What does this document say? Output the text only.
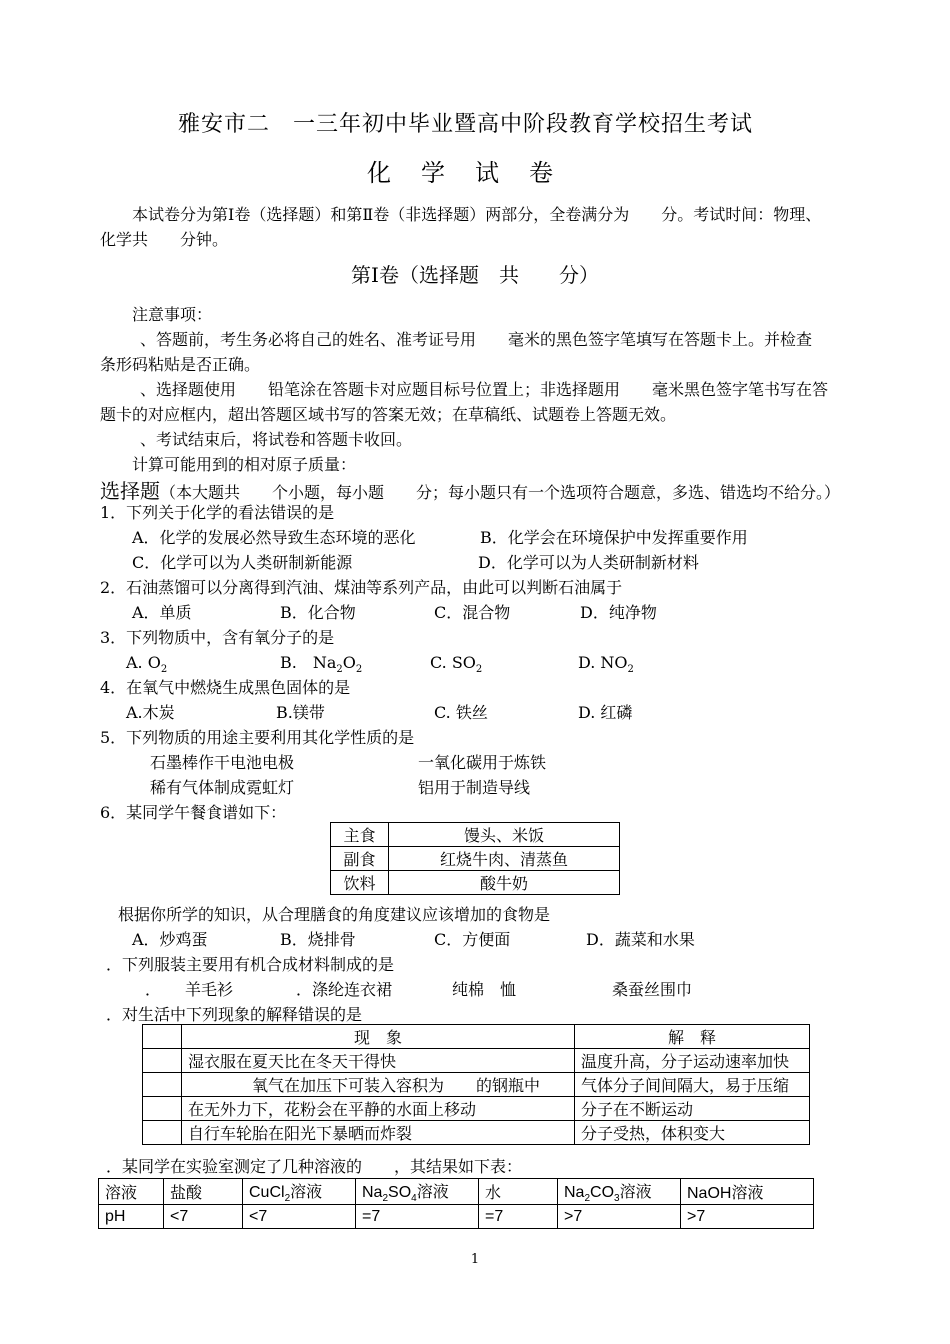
雅安市二　一三年初中毕业暨高中阶段教育学校招生考试
化学试卷
本试卷分为第Ⅰ卷（选择题）和第Ⅱ卷（非选择题）两部分，全卷满分为　　分。考试时间：物理、
化学共　　分钟。
第Ⅰ卷（选择题　共　　分）
注意事项：
、答题前，考生务必将自己的姓名、准考证号用　　毫米的黑色签字笔填写在答题卡上。并检查
条形码粘贴是否正确。
、选择题使用　　铅笔涂在答题卡对应题目标号位置上；非选择题用　　毫米黑色签字笔书写在答
题卡的对应框内，超出答题区域书写的答案无效；在草稿纸、试题卷上答题无效。
、考试结束后，将试卷和答题卡收回。
计算可能用到的相对原子质量：
选择题（本大题共　　个小题，每小题　　分；每小题只有一个选项符合题意，多选、错选均不给分。）
1．下列关于化学的看法错误的是
A．化学的发展必然导致生态环境的恶化	B．化学会在环境保护中发挥重要作用
C．化学可以为人类研制新能源	D．化学可以为人类研制新材料
2．石油蒸馏可以分离得到汽油、煤油等系列产品，由此可以判断石油属于
A．单质	B．化合物	C．混合物	D．纯净物
3．下列物质中，含有氧分子的是
A. $O_2$	B.　$Na_2O_2$	C. $SO_2$	D. $NO_2$
4．在氧气中燃烧生成黑色固体的是
A.木炭	B.镁带	C. 铁丝	D. 红磷
5．下列物质的用途主要利用其化学性质的是
石墨棒作干电池电极	一氧化碳用于炼铁
稀有气体制成霓虹灯	铝用于制造导线
6．某同学午餐食谱如下：
主食	馒头、米饭
副食	红烧牛肉、清蒸鱼
饮料	酸牛奶
根据你所学的知识，从合理膳食的角度建议应该增加的食物是
A．炒鸡蛋	B．烧排骨	C．方便面	D．蔬菜和水果
．下列服装主要用有机合成材料制成的是
．　　羊毛衫	．涤纶连衣裙	纯棉　恤	桑蚕丝围巾
．对生活中下列现象的解释错误的是
	现　象	解　释
	湿衣服在夏天比在冬天干得快	温度升高，分子运动速率加快
	　　　　氧气在加压下可装入容积为　　的钢瓶中	气体分子间间隔大，易于压缩
	在无外力下，花粉会在平静的水面上移动	分子在不断运动
	自行车轮胎在阳光下暴晒而炸裂	分子受热，体积变大
．某同学在实验室测定了几种溶液的　　，其结果如下表：
溶液	盐酸	CuCl$_2$溶液	$Na_2SO_4$溶液	水	$Na_2CO_3$溶液	NaOH溶液
pH	<7	<7	=7	=7	>7	>7
1
